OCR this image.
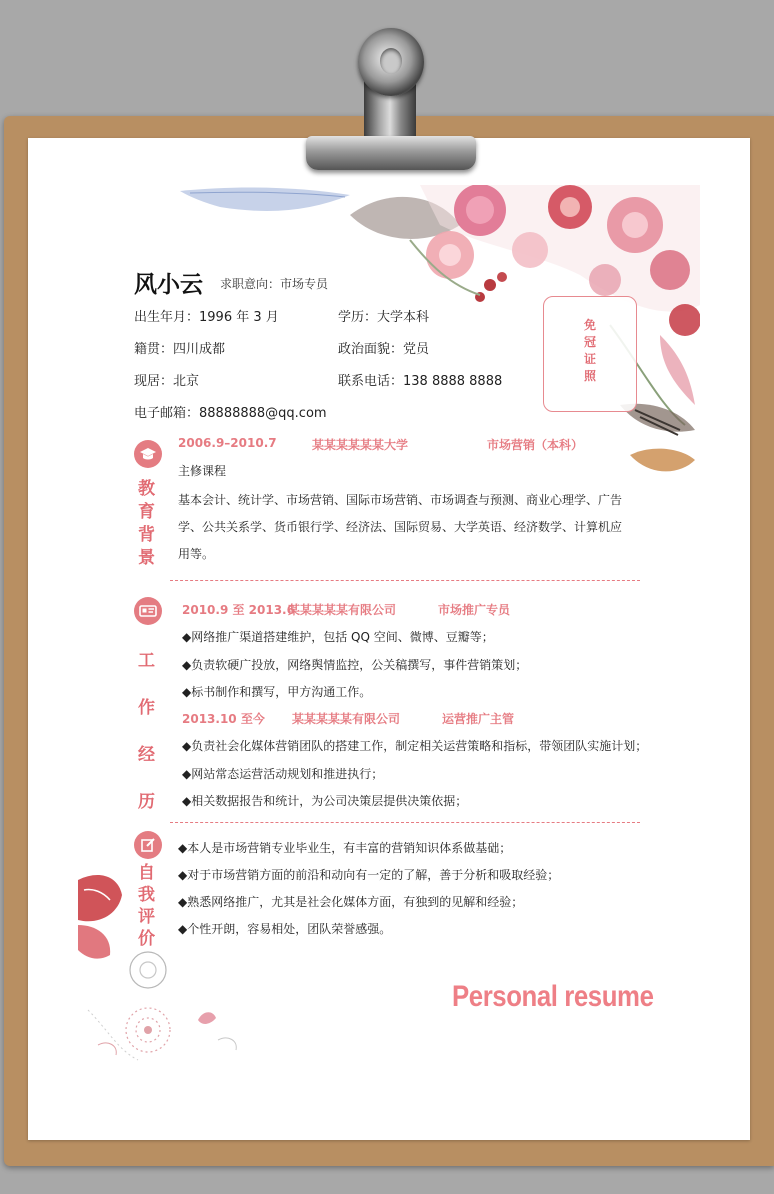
风小云 求职意向：市场专员
出生年月：1996 年 3 月	学历：大学本科
籍贯：四川成都	政治面貌：党员
现居：北京	联系电话：138 8888 8888
电子邮箱：88888888@qq.com
免冠证照
教
育
背
景
2006.9–2010.7	某某某某某某大学	市场营销（本科）
主修课程
基本会计、统计学、市场营销、国际市场营销、市场调查与预测、商业心理学、广告
学、公共关系学、货币银行学、经济法、国际贸易、大学英语、经济数学、计算机应
用等。
工
作
经
历
2010.9 至 2013.6
某某某某某有限公司	市场推广专员
◆网络推广渠道搭建维护，包括 QQ 空间、微博、豆瓣等；
◆负责软硬广投放，网络舆情监控，公关稿撰写，事件营销策划；
◆标书制作和撰写，甲方沟通工作。
2013.10 至今 某某某某某有限公司	运营推广主管
◆负责社会化媒体营销团队的搭建工作，制定相关运营策略和指标，带领团队实施计划；
◆网站常态运营活动规划和推进执行；
◆相关数据报告和统计，为公司决策层提供决策依据；
自
我
评
价
◆本人是市场营销专业毕业生，有丰富的营销知识体系做基础；
◆对于市场营销方面的前沿和动向有一定的了解，善于分析和吸取经验；
◆熟悉网络推广，尤其是社会化媒体方面，有独到的见解和经验；
◆个性开朗，容易相处，团队荣誉感强。
Personal resume
